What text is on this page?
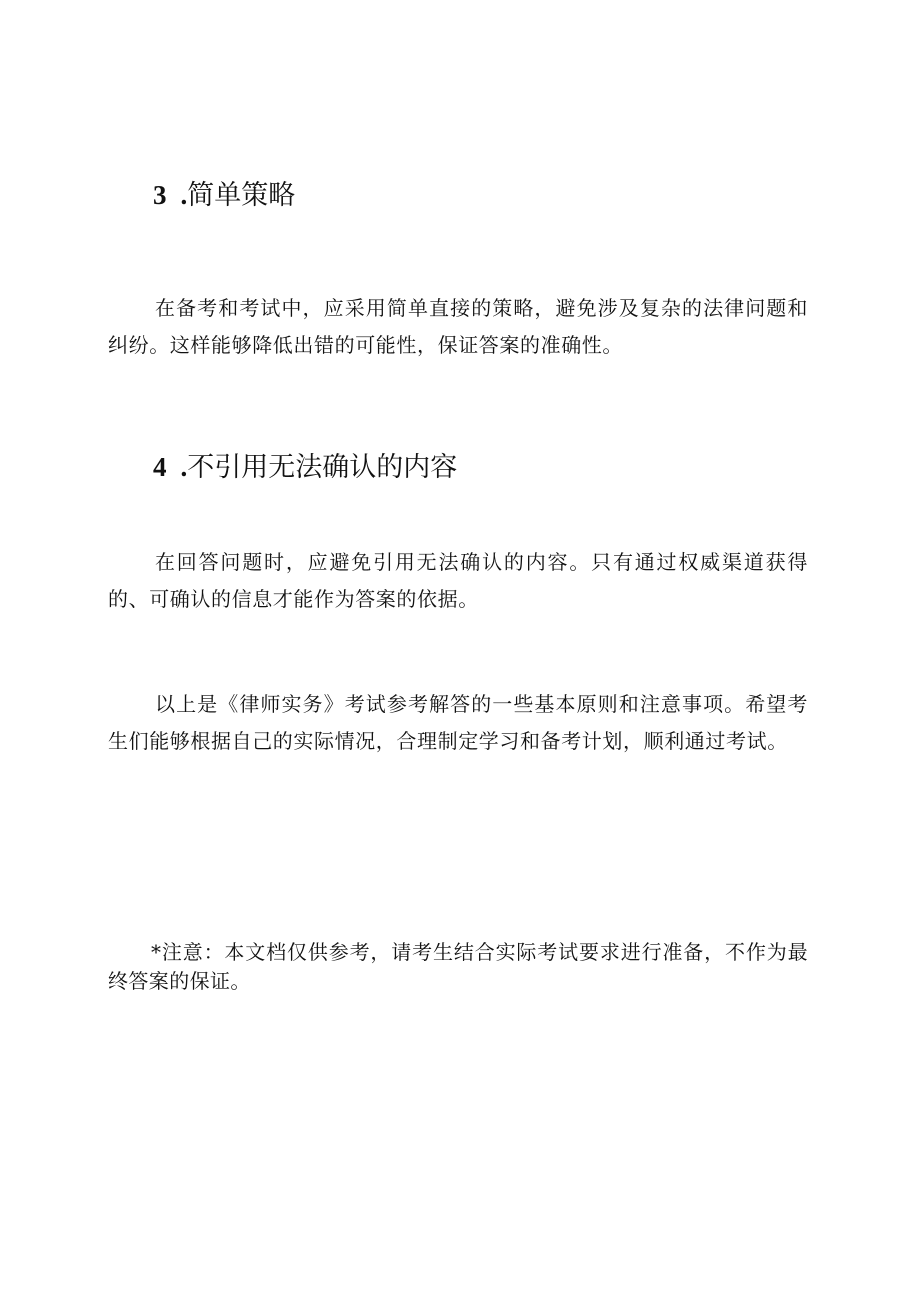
3 .简单策略

在备考和考试中，应采用简单直接的策略，避免涉及复杂的法律问题和纠纷。这样能够降低出错的可能性，保证答案的准确性。

4 .不引用无法确认的内容

在回答问题时，应避免引用无法确认的内容。只有通过权威渠道获得的、可确认的信息才能作为答案的依据。

以上是《律师实务》考试参考解答的一些基本原则和注意事项。希望考生们能够根据自己的实际情况，合理制定学习和备考计划，顺利通过考试。

*注意：本文档仅供参考，请考生结合实际考试要求进行准备，不作为最终答案的保证。
